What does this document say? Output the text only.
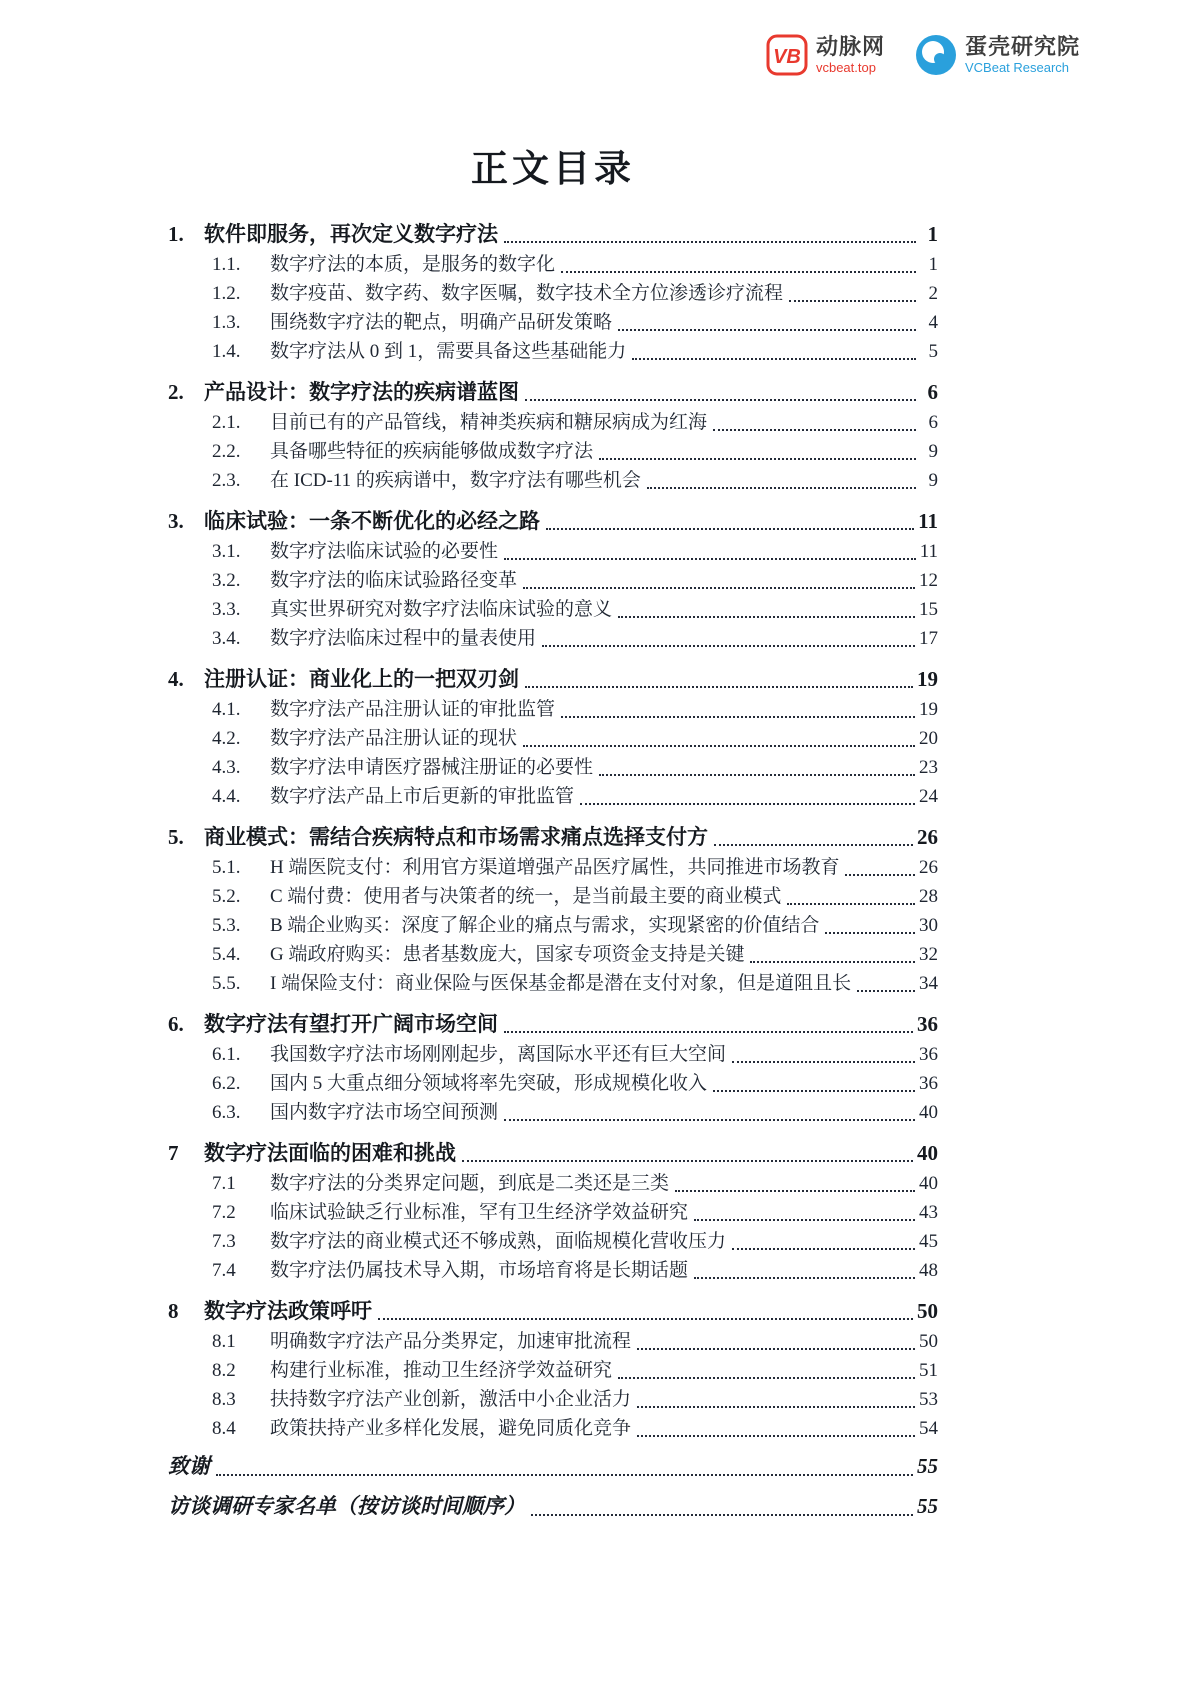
VB 动脉网
vcbeat.top
蛋壳研究院
VCBeat Research
正文目录
1. 软件即服务，再次定义数字疗法	1
1.1.	数字疗法的本质，是服务的数字化	1
1.2.	数字疫苗、数字药、数字医嘱，数字技术全方位渗透诊疗流程	2
1.3.	围绕数字疗法的靶点，明确产品研发策略	4
1.4.	数字疗法从 0 到 1，需要具备这些基础能力	5
2. 产品设计：数字疗法的疾病谱蓝图	6
2.1.	目前已有的产品管线，精神类疾病和糖尿病成为红海	6
2.2.	具备哪些特征的疾病能够做成数字疗法	9
2.3.	在 ICD-11 的疾病谱中，数字疗法有哪些机会	9
3. 临床试验：一条不断优化的必经之路	11
3.1.	数字疗法临床试验的必要性	11
3.2.	数字疗法的临床试验路径变革	12
3.3.	真实世界研究对数字疗法临床试验的意义	15
3.4.	数字疗法临床过程中的量表使用	17
4. 注册认证：商业化上的一把双刃剑	19
4.1.	数字疗法产品注册认证的审批监管	19
4.2.	数字疗法产品注册认证的现状	20
4.3.	数字疗法申请医疗器械注册证的必要性	23
4.4.	数字疗法产品上市后更新的审批监管	24
5. 商业模式：需结合疾病特点和市场需求痛点选择支付方	26
5.1.	H 端医院支付：利用官方渠道增强产品医疗属性，共同推进市场教育	26
5.2.	C 端付费：使用者与决策者的统一，是当前最主要的商业模式	28
5.3.	B 端企业购买：深度了解企业的痛点与需求，实现紧密的价值结合	30
5.4.	G 端政府购买：患者基数庞大，国家专项资金支持是关键	32
5.5.	I 端保险支付：商业保险与医保基金都是潜在支付对象，但是道阻且长	34
6. 数字疗法有望打开广阔市场空间	36
6.1.	我国数字疗法市场刚刚起步，离国际水平还有巨大空间	36
6.2.	国内 5 大重点细分领域将率先突破，形成规模化收入	36
6.3.	国内数字疗法市场空间预测	40
7	数字疗法面临的困难和挑战	40
7.1	数字疗法的分类界定问题，到底是二类还是三类	40
7.2	临床试验缺乏行业标准，罕有卫生经济学效益研究	43
7.3	数字疗法的商业模式还不够成熟，面临规模化营收压力	45
7.4	数字疗法仍属技术导入期，市场培育将是长期话题	48
8	数字疗法政策呼吁	50
8.1	明确数字疗法产品分类界定，加速审批流程	50
8.2	构建行业标准，推动卫生经济学效益研究	51
8.3	扶持数字疗法产业创新，激活中小企业活力	53
8.4	政策扶持产业多样化发展，避免同质化竞争	54
致谢	55
访谈调研专家名单（按访谈时间顺序）	55
